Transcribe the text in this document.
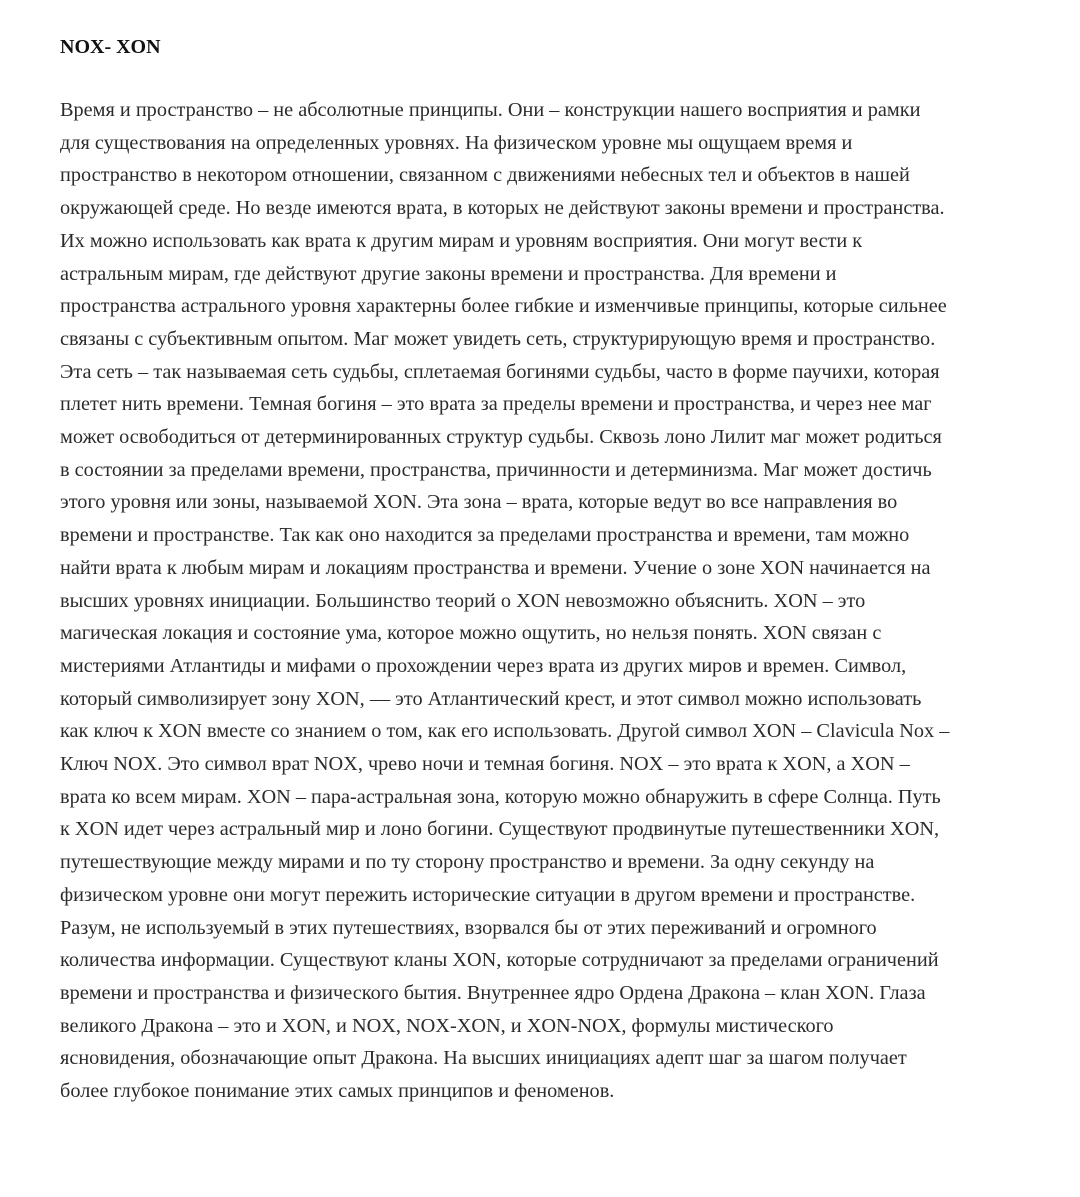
NOX- XON

Время и пространство – не абсолютные принципы. Они – конструкции нашего восприятия и рамки
для существования на определенных уровнях. На физическом уровне мы ощущаем время и
пространство в некотором отношении, связанном с движениями небесных тел и объектов в нашей
окружающей среде. Но везде имеются врата, в которых не действуют законы времени и пространства.
Их можно использовать как врата к другим мирам и уровням восприятия. Они могут вести к
астральным мирам, где действуют другие законы времени и пространства. Для времени и
пространства астрального уровня характерны более гибкие и изменчивые принципы, которые сильнее
связаны с субъективным опытом. Маг может увидеть сеть, структурирующую время и пространство.
Эта сеть – так называемая сеть судьбы, сплетаемая богинями судьбы, часто в форме паучихи, которая
плетет нить времени. Темная богиня – это врата за пределы времени и пространства, и через нее маг
может освободиться от детерминированных структур судьбы. Сквозь лоно Лилит маг может родиться
в состоянии за пределами времени, пространства, причинности и детерминизма. Маг может достичь
этого уровня или зоны, называемой XON. Эта зона – врата, которые ведут во все направления во
времени и пространстве. Так как оно находится за пределами пространства и времени, там можно
найти врата к любым мирам и локациям пространства и времени. Учение о зоне XON начинается на
высших уровнях инициации. Большинство теорий о XON невозможно объяснить. XON – это
магическая локация и состояние ума, которое можно ощутить, но нельзя понять. XON связан с
мистериями Атлантиды и мифами о прохождении через врата из других миров и времен. Символ,
который символизирует зону XON, — это Атлантический крест, и этот символ можно использовать
как ключ к XON вместе со знанием о том, как его использовать. Другой символ XON – Clavicula Nox –
Ключ NOX. Это символ врат NOX, чрево ночи и темная богиня. NOX – это врата к XON, а XON –
врата ко всем мирам. XON – пара-астральная зона, которую можно обнаружить в сфере Солнца. Путь
к XON идет через астральный мир и лоно богини. Существуют продвинутые путешественники XON,
путешествующие между мирами и по ту сторону пространство и времени. За одну секунду на
физическом уровне они могут пережить исторические ситуации в другом времени и пространстве.
Разум, не используемый в этих путешествиях, взорвался бы от этих переживаний и огромного
количества информации. Существуют кланы XON, которые сотрудничают за пределами ограничений
времени и пространства и физического бытия. Внутреннее ядро Ордена Дракона – клан XON. Глаза
великого Дракона – это и XON, и NOX, NOX-XON, и XON-NOX, формулы мистического
ясновидения, обозначающие опыт Дракона. На высших инициациях адепт шаг за шагом получает
более глубокое понимание этих самых принципов и феноменов.
